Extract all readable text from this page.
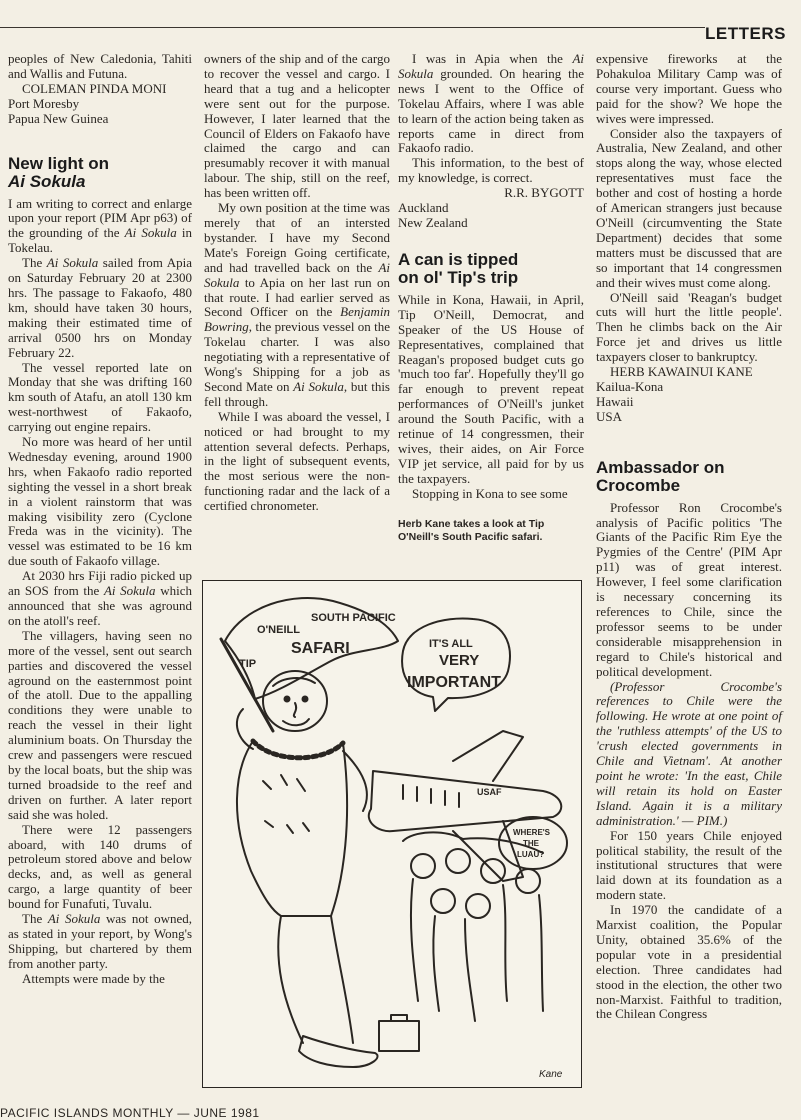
LETTERS

peoples of New Caledonia, Tahiti and Wallis and Futuna.

COLEMAN PINDA MONI

Port Moresby

Papua New Guinea

New light on
Ai Sokula

I am writing to correct and enlarge upon your report (PIM Apr p63) of the grounding of the Ai Sokula in Tokelau.

The Ai Sokula sailed from Apia on Saturday February 20 at 2300 hrs. The passage to Fakaofo, 480 km, should have taken 30 hours, making their estimated time of arrival 0500 hrs on Monday February 22.

The vessel reported late on Monday that she was drifting 160 km south of Atafu, an atoll 130 km west-northwest of Fakaofo, carrying out engine repairs.

No more was heard of her until Wednesday evening, around 1900 hrs, when Fakaofo radio reported sighting the vessel in a short break in a violent rainstorm that was making visibility zero (Cyclone Freda was in the vicinity). The vessel was estimated to be 16 km due south of Fakaofo village.

At 2030 hrs Fiji radio picked up an SOS from the Ai Sokula which announced that she was aground on the atoll's reef.

The villagers, having seen no more of the vessel, sent out search parties and discovered the vessel aground on the easternmost point of the atoll. Due to the appalling conditions they were unable to reach the vessel in their light aluminium boats. On Thursday the crew and passengers were rescued by the local boats, but the ship was turned broadside to the reef and driven on further. A later report said she was holed.

There were 12 passengers aboard, with 140 drums of petroleum stored above and below decks, and, as well as general cargo, a large quantity of beer bound for Funafuti, Tuvalu.

The Ai Sokula was not owned, as stated in your report, by Wong's Shipping, but chartered by them from another party.

Attempts were made by the

owners of the ship and of the cargo to recover the vessel and cargo. I heard that a tug and a helicopter were sent out for the purpose. However, I later learned that the Council of Elders on Fakaofo have claimed the cargo and can presumably recover it with manual labour. The ship, still on the reef, has been written off.

My own position at the time was merely that of an intersted bystander. I have my Second Mate's Foreign Going certificate, and had travelled back on the Ai Sokula to Apia on her last run on that route. I had earlier served as Second Officer on the Benjamin Bowring, the previous vessel on the Tokelau charter. I was also negotiating with a representative of Wong's Shipping for a job as Second Mate on Ai Sokula, but this fell through.

While I was aboard the vessel, I noticed or had brought to my attention several defects. Perhaps, in the light of subsequent events, the most serious were the non-functioning radar and the lack of a certified chronometer.

I was in Apia when the Ai Sokula grounded. On hearing the news I went to the Office of Tokelau Affairs, where I was able to learn of the action being taken as reports came in direct from Fakaofo radio.

This information, to the best of my knowledge, is correct.

R.R. BYGOTT

Auckland

New Zealand

A can is tipped
on ol' Tip's trip

While in Kona, Hawaii, in April, Tip O'Neill, Democrat, and Speaker of the US House of Representatives, complained that Reagan's proposed budget cuts go 'much too far'. Hopefully they'll go far enough to prevent repeat performances of O'Neill's junket around the South Pacific, with a retinue of 14 congressmen, their wives, their aides, on Air Force VIP jet service, all paid for by us the taxpayers.

Stopping in Kona to see some

Herb Kane takes a look at Tip O'Neill's South Pacific safari.
O'NEILL
SOUTH PACIFIC
SAFARI
TIP
IT'S ALL
VERY
IMPORTANT
USAF
WHERE'S
THE
LUAU?
Kane

expensive fireworks at the Pohakuloa Military Camp was of course very important. Guess who paid for the show? We hope the wives were impressed.

Consider also the taxpayers of Australia, New Zealand, and other stops along the way, whose elected representatives must face the bother and cost of hosting a horde of American strangers just because O'Neill (circumventing the State Department) decides that some matters must be discussed that are so important that 14 congressmen and their wives must come along.

O'Neill said 'Reagan's budget cuts will hurt the little people'. Then he climbs back on the Air Force jet and drives us little taxpayers closer to bankruptcy.

HERB KAWAINUI KANE

Kailua-Kona

Hawaii

USA

Ambassador on
Crocombe

Professor Ron Crocombe's analysis of Pacific politics 'The Giants of the Pacific Rim Eye the Pygmies of the Centre' (PIM Apr p11) was of great interest. However, I feel some clarification is necessary concerning its references to Chile, since the professor seems to be under considerable misapprehension in regard to Chile's historical and political development.

(Professor Crocombe's references to Chile were the following. He wrote at one point of the 'ruthless attempts' of the US to 'crush elected governments in Chile and Vietnam'. At another point he wrote: 'In the east, Chile will retain its hold on Easter Island. Again it is a military administration.' — PIM.)

For 150 years Chile enjoyed political stability, the result of the institutional structures that were laid down at its foundation as a modern state.

In 1970 the candidate of a Marxist coalition, the Popular Unity, obtained 35.6% of the popular vote in a presidential election. Three candidates had stood in the election, the other two non-Marxist. Faithful to tradition, the Chilean Congress

PACIFIC ISLANDS MONTHLY — JUNE 1981
